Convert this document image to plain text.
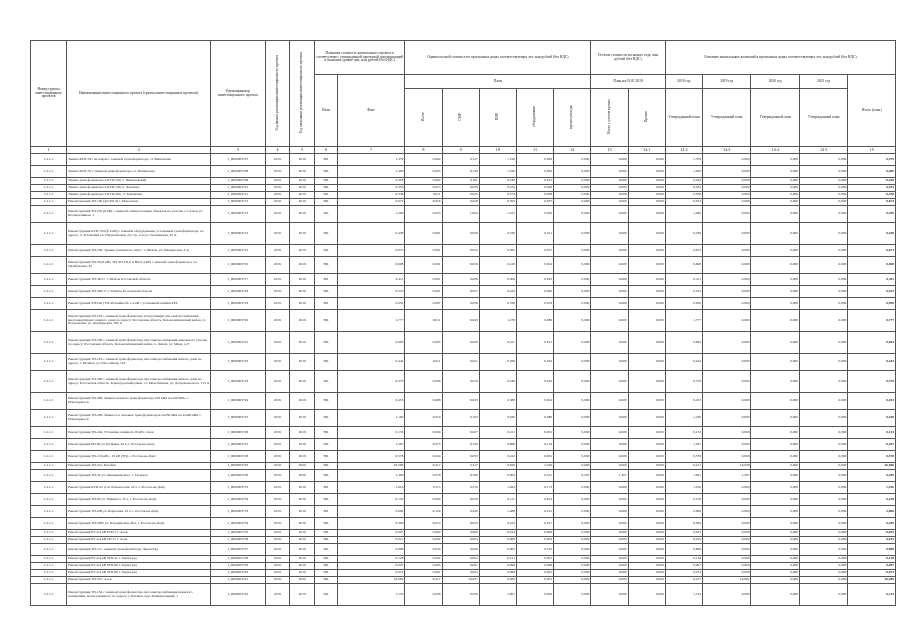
Номер группы инвестиционных проектов	Наименование инвестиционного проекта (группы инвестиционных проектов)	Идентификатор инвестиционного проекта	Год начала реализации инвестиционного проекта	Год окончания реализации инвестиционного проекта	Плановая стоимость капитального проекта в соответствии с утвержденной проектной документацией в базисном уровне цен, млн рублей (без НДС)		Оценка полной стоимости в прогнозных ценах соответствующих лет, млн рублей (без НДС)					Остаток стоимости на начало года, млн рублей (без НДС)		Освоение капитальных вложений в прогнозных ценах соответствующих лет, млн рублей (без НДС)				
					План	Факт	План					План на 01.01.2018		2018 год	2019 год	2020 год	2021 год	Итого (план)
							Всего	СМР	ПИР	оборудование	прочие расходы	Всего с учетом прочих	Прочие	Утвержденный план	Утвержденный план	Утвержденный план	Утвержденный план	
1	2	3	4	5	6	7	8	9	10	11	12	13	14.1	14.2	14.3	14.4	14.5	15
1.2.1.1	Замена КТП-347 на новую с заменой трансформатора, ст. Вешенская	J_0000003707	2019	2019	НД	1,379	0,064	0,127	1,190	0,063	0,000	0,000	0,000	1,379	0,000	0,000	0,000	0,379
1.2.1.1	Замена КТП-76 с заменой трансформатора, ст. Вешенская	J_0000003708	2019	2019	НД	1,406	0,065	0,138	1,190	0,063	0,000	0,000	0,000	1,406	0,000	0,000	0,000	0,406
1.2.1.1	Замена трансформатора в КТП-520, х. Пименовский	J_0000003709	2019	2019	НД	0,428	0,002	0,181	0,230	0,015	0,000	0,000	0,000	0,428	0,000	0,000	0,000	0,428
1.2.1.1	Замена трансформатора в КТП-140, п. Чертково	J_0000003710	2019	2019	НД	0,333	0,013	0,058	0,234	0,028	0,000	0,000	0,000	0,333	0,000	0,000	0,000	0,333
1.2.1.1	Замена трансформатора в КТП-204, ст. Боковская	J_0000003711	2019	2019	НД	0,338	0,011	0,025	0,274	0,028	0,000	0,000	0,000	0,338	0,000	0,000	0,000	0,338
1.2.1.1	Реконструкция ТП-160 (ф3-РП-3) г. Морозовск	J_0000003712	2019	2019	НД	0,674	0,016	0,028	0,593	0,037	0,000	0,000	0,000	0,674	0,000	0,000	0,000	0,674
1.2.1.1	Реконструкция ТП-105 (6 кВ) с заменой электросетевых объектов на участке, г. Сальск ул. Кооперативная, 1	J_0000003713	2019	2019	НД	1,290	0,053	1,004	1,161	0,050	0,000	0,000	0,000	1,290	0,000	0,000	0,000	0,290
1.2.1.1	Реконструкция КТП-704 (ф 6 кВ) с заменой оборудования, установкой трансформатора, по адресу: п. Зубовский ул. Партизанская, 24, стр. 2 и ул. Гагаринская, 25 А	J_0000003714	2019	2019	НД	0,438	0,001	0,059	0,339	0,011	0,000	0,000	0,000	0,438	0,000	0,000	0,000	0,438
1.2.1.1	Реконструкция ТП-199 "Здание усиленного типа", г. Шахты, ул. Пионерская, 3-А	J_0000003715	2019	2019	НД	0,673	0,001	0,053	0,562	0,057	0,000	0,000	0,000	0,673	0,000	0,000	0,000	0,673
1.2.1.1	Реконструкция ТП-39 (6 кВ), ТП-40 (ТП-0 и ВЛ-0,4 кВ) с заменой трансформатора, ул. Октябрьская, 45	J_0000003716	2019	2019	НД	0,698	0,001	0,056	0,418	0,024	0,000	0,000	0,000	0,698	0,000	0,000	0,000	0,698
1.2.1.1	Реконструкция ТП-36/17, г. Шахты Ростовской области	J_0000003717	2019	2019	НД	0,411	0,001	0,026	0,309	0,025	0,000	0,000	0,000	0,411	0,000	0,000	0,000	0,411
1.2.1.1	Реконструкция ТП-364/17, г. Шахты Ростовской области	J_0000003718	2019	2019	НД	0,523	0,001	0,051	0,443	0,026	0,000	0,000	0,000	0,523	0,000	0,000	0,000	0,523
1.2.1.1	Реконструкция ЗТП-40 (ТП-40 ячейка № 1-4 кВ с установкой ячейки РЗА	J_0000003719	2019	2019	НД	0,950	0,087	0,056	0,760	0,079	0,000	0,000	0,000	0,950	0,000	0,000	0,000	0,950
1.2.1.1	Реконструкция ТП-102 с заменой трансформатора и подстанции для электроснабжения многоквартирного жилого дома по адресу: Ростовская область, Белокалитвинский район, ст. Богатовская, ул. Октябрьская, 185 А	J_0000003720	2019	2019	НД	1,777	0,011	0,043	1,278	0,086	0,000	0,000	0,000	1,777	0,000	0,000	0,000	0,777
1.2.1.1	Реконструкция ТП-236 с заменой трансформатора для электроснабжения земельного участка по адресу: Ростовская область, Белокалитвинский район, х. Лихой, ул. Мира, д. 8	J_0000003721	2019	2019	НД	0,693	0,005	0,026	0,411	0,012	0,000	0,000	0,000	0,693	0,000	0,000	0,000	0,693
1.2.1.1	Реконструкция ТП-219 с заменой трансформатора для электроснабжения жилого дома по адресу: г. Батайск, ул. Шоссейная, 143	J_0000003722	2019	2019	НД	0,444	0,011	0,021	0,299	0,034	0,000	0,000	0,000	0,444	0,000	0,000	0,000	0,444
1.2.1.1	Реконструкция ТП-300 с заменой трансформатора для электроснабжения жилого дома по адресу: Ростовская область, Зерноградский район, ст. Мечетинская, ул. Добровольского, 113 А	J_0000003723	2019	2019	НД	0,379	0,006	0,019	0,248	0,016	0,000	0,000	0,000	0,379	0,000	0,000	0,000	0,379
1.2.1.1	Реконструкция ТП-499, Замена силового трансформатора 100 кВА на 250 кВА, г. Новочеркасск	J_0000003724	2019	2019	НД	0,453	0,008	0,033	0,388	0,024	0,000	0,000	0,000	0,453	0,000	0,000	0,000	0,453
1.2.1.1	Реконструкция ТП-209, Замена 2-х силовых трансформаторов 2х250 кВА на 2х400 кВА г. Новочеркасск	J_0000003725	2019	2019	НД	1,160	0,010	0,103	0,926	0,080	0,000	0,000	0,000	1,160	0,000	0,000	0,000	0,160
1.2.1.1	Реконструкция ТП-244, Установка ячейки 6-10 кВ г. Азов	J_0000003726	2019	2019	НД	0,133	0,004	0,027	0,101	0,001	0,000	0,000	0,000	0,133	0,000	0,000	0,000	0,133
1.2.1.1	Реконструкция РП-69 ул. Кучкина, 64 в, г. Ростов-на-Дону	J_0000003727	2019	2019	НД	1,297	0,075	0,130	0,868	0,134	0,000	0,000	0,000	1,297	0,000	0,000	0,000	0,297
1.2.1.1	Реконструкция ТП-2 (6 кВ) - 10 кВ (ТП), г. Ростов-на-Дону	J_0000003728	2019	2019	НД	0,578	0,024	0,053	0,422	0,061	0,000	0,000	0,000	0,578	0,000	0,000	0,000	0,578
1.2.1.1	Реконструкция ТП-23 г. Батайск	I_0000003729	2019	2020	НД	16,586	0,417	3,317	0,650	2,226	0,000	0,000	0,000	0,417	16,039	0,000	0,000	16,586
1.2.1.1	Реконструкция ТП-32 ул. Чернышевского, г. Таганрог	I_0000003730	2019	2020	НД	1,309	0,078	0,189	0,904	0,231	0,201	1,307	0,000	1,901	1,307	0,000	0,000	0,309
1.2.1.1	Реконструкция КТП-41 угол Ломоносова, 22 а, г. Ростов-на-Дону	J_0000003731	2019	2019	НД	1,916	0,115	0,310	1,493	0,173	0,000	0,000	0,000	1,916	0,000	0,000	0,000	1,916
1.2.1.1	Реконструкция ТП-82 ул. Урицкого, 25 а, г. Ростов-на-Дону	J_0000003732	2019	2019	НД	0,150	0,000	0,016	0,111	0,014	0,000	0,000	0,000	0,150	0,000	0,000	0,000	0,150
1.2.1.1	Реконструкция ТП-209 ул. Береговая, 25 а, г. Ростов-на-Дону	J_0000003733	2019	2019	НД	2,000	0,120	0,220	1,488	0,161	0,000	0,000	0,000	2,000	0,000	0,000	0,000	2,000
1.2.1.1	Реконструкция ТП-2095 ул. Батуринская, 48 а, г. Ростов-на-Дону	J_0000003734	2019	2019	НД	0,309	0,010	0,053	0,223	0,017	0,000	0,000	0,000	0,309	0,000	0,000	0,000	0,309
1.2.1.1	Реконструкция РУ-0,4 кВ РТП-7 г. Азов	J_0000003735	2019	2019	НД	0,025	0,004	0,006	0,014	0,004	0,000	0,000	0,000	0,025	0,000	0,000	0,000	0,025
1.2.1.1	Реконструкция РУ-0,4 кВ ТП-17 г. Азов	J_0000003736	2019	2019	НД	0,015	0,002	0,004	0,008	0,003	0,000	0,000	0,000	0,015	0,000	0,000	0,000	0,015
1.2.1.1	Реконструкция ТП-13 с заменой трансформатора, Зерноград	I_0000003737	2019	2019	НД	0,898	0,043	0,048	0,002	0,761	0,000	0,000	0,000	0,898	0,000	0,000	0,000	0,898
1.2.1.1	Реконструкция РУ-0,4 кВ ЗТП-41 г. Зерноград	I_0000003738	2019	2019	НД	0,128	0,002	0,004	0,121	0,001	0,000	0,000	0,000	0,128	0,000	0,000	0,000	0,128
1.2.1.1	Реконструкция РУ-0,4 кВ ЗТП-60 г. Зерноград	I_0000003739	2019	2019	НД	0,097	0,005	0,001	0,096	0,000	0,000	0,000	0,000	0,097	0,000	0,000	0,000	0,097
1.2.1.1	Реконструкция РУ-0,4 кВ ЗТП-69 г. Зерноград	I_0000003740	2019	2019	НД	0,074	0,001	0,025	0,066	0,001	0,000	0,000	0,000	0,074	0,000	0,000	0,000	0,074
1.2.1.1	Реконструкция ТП-33 г. Азов	I_0000003741	2019	2020	НД	16,200	0,417	16,037	0,200	0,001	0,000	0,000	0,000	0,417	16,081	0,000	0,000	16,200
1.2.1.1	Реконструкция ТП-134 с заменой трансформатора для электроснабжения нежилого помещения, расположенного по адресу: г. Батайск, пер. Коммунальный, 1	I_0000003742	2019	2019	НД	1,133	0,028	0,058	1,001	0,002	0,000	0,000	0,000	1,133	0,000	0,000	0,000	0,133
